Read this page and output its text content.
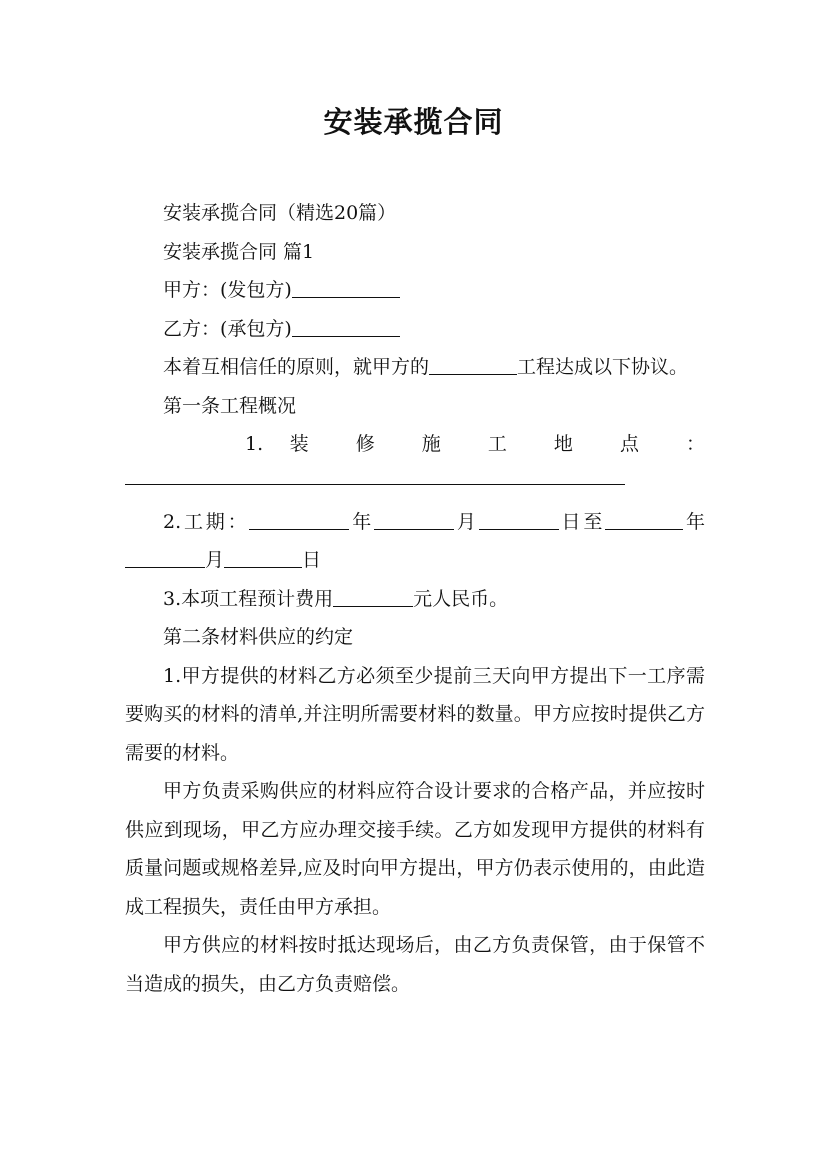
安装承揽合同

安装承揽合同（精选20篇）

安装承揽合同 篇1

甲方：(发包方)

乙方：(承包方)

本着互相信任的原则，就甲方的	工程达成以下协议。

第一条工程概况

1. 装 修 施 工 地 点 ：

2.工期：	年	月	日至	年月	日

3.本项工程预计费用	元人民币。

第二条材料供应的约定

1.甲方提供的材料乙方必须至少提前三天向甲方提出下一工序需要购买的材料的清单,并注明所需要材料的数量。甲方应按时提供乙方需要的材料。

甲方负责采购供应的材料应符合设计要求的合格产品，并应按时供应到现场，甲乙方应办理交接手续。乙方如发现甲方提供的材料有质量问题或规格差异,应及时向甲方提出，甲方仍表示使用的，由此造成工程损失，责任由甲方承担。

甲方供应的材料按时抵达现场后，由乙方负责保管，由于保管不当造成的损失，由乙方负责赔偿。
